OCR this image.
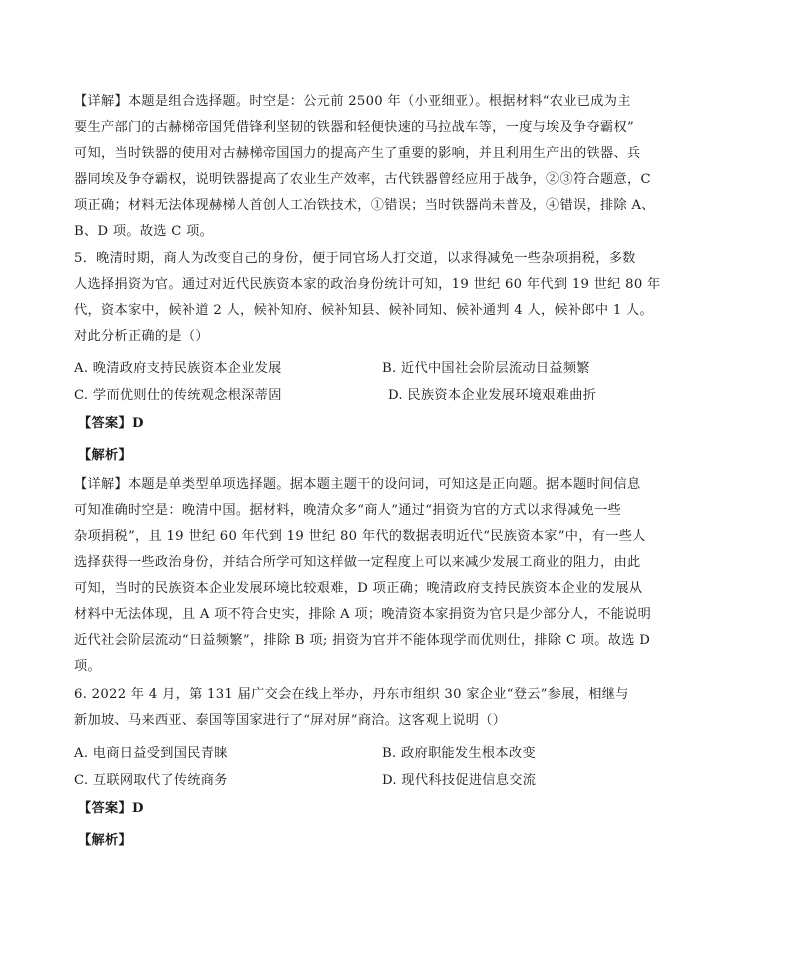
【详解】本题是组合选择题。时空是：公元前 2500 年（小亚细亚）。根据材料“农业已成为主
要生产部门的古赫梯帝国凭借锋利坚韧的铁器和轻便快速的马拉战车等，一度与埃及争夺霸权”
可知，当时铁器的使用对古赫梯帝国国力的提高产生了重要的影响，并且利用生产出的铁器、兵
器同埃及争夺霸权，说明铁器提高了农业生产效率，古代铁器曾经应用于战争，②③符合题意，C
项正确；材料无法体现赫梯人首创人工冶铁技术，①错误；当时铁器尚未普及，④错误，排除 A、
B、D 项。故选 C 项。
5．晚清时期，商人为改变自己的身份，便于同官场人打交道，以求得减免一些杂项捐税，多数
人选择捐资为官。通过对近代民族资本家的政治身份统计可知，19 世纪 60 年代到 19 世纪 80 年
代，资本家中，候补道 2 人，候补知府、候补知县、候补同知、候补通判 4 人，候补郎中 1 人。
对此分析正确的是（）
A. 晚清政府支持民族资本企业发展	B. 近代中国社会阶层流动日益频繁
C. 学而优则仕的传统观念根深蒂固	D. 民族资本企业发展环境艰难曲折
【答案】D
【解析】
【详解】本题是单类型单项选择题。据本题主题干的设问词，可知这是正向题。据本题时间信息
可知准确时空是：晚清中国。据材料，晚清众多“商人”通过“捐资为官的方式以求得减免一些
杂项捐税”，且 19 世纪 60 年代到 19 世纪 80 年代的数据表明近代“民族资本家”中，有一些人
选择获得一些政治身份，并结合所学可知这样做一定程度上可以来减少发展工商业的阻力，由此
可知，当时的民族资本企业发展环境比较艰难，D 项正确；晚清政府支持民族资本企业的发展从
材料中无法体现，且 A 项不符合史实，排除 A 项；晚清资本家捐资为官只是少部分人，不能说明
近代社会阶层流动“日益频繁”，排除 B 项; 捐资为官并不能体现学而优则仕，排除 C 项。故选 D
项。
6. 2022 年 4 月，第 131 届广交会在线上举办，丹东市组织 30 家企业“登云”参展，相继与
新加坡、马来西亚、泰国等国家进行了“屏对屏”商洽。这客观上说明（）
A. 电商日益受到国民青睐	B. 政府职能发生根本改变
C. 互联网取代了传统商务	D. 现代科技促进信息交流
【答案】D
【解析】
